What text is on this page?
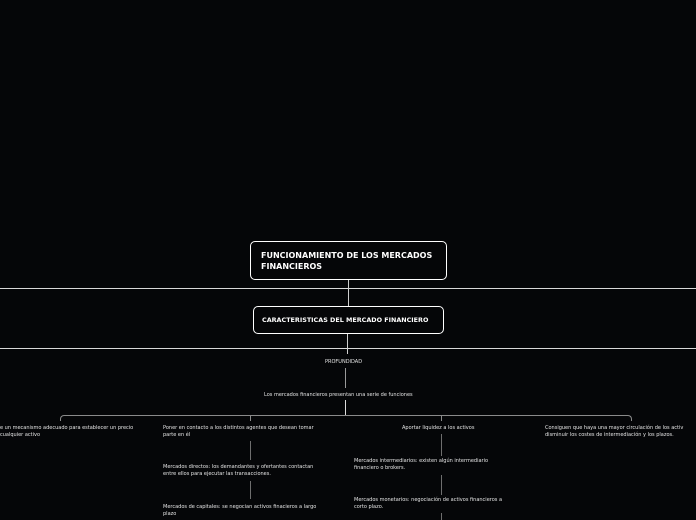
FUNCIONAMIENTO DE LOS MERCADOS FINANCIEROS
CARACTERISTICAS DEL MERCADO FINANCIERO
PROFUNDIDAD
Los mercados financieros presentan una serie de funciones
e un mecanismo adecuado para establecer un precio
cualquier activo
Poner en contacto a los distintos agentes que desean tomar
parte en él
Aportar liquidez a los activos	Consiguen que haya una mayor circulación de los activ
disminuir los costes de intermediación y los plazos.
Mercados directos: los demandantes y ofertantes contactan
entre ellos para ejecutar las transacciones.
Mercados de capitales: se negocian activos finacieros a largo
plazo
Mercados intermediarios: existen algún intermediario
financiero o brokers.
Mercados monetarios: negociación de activos financieros a
corto plazo.
